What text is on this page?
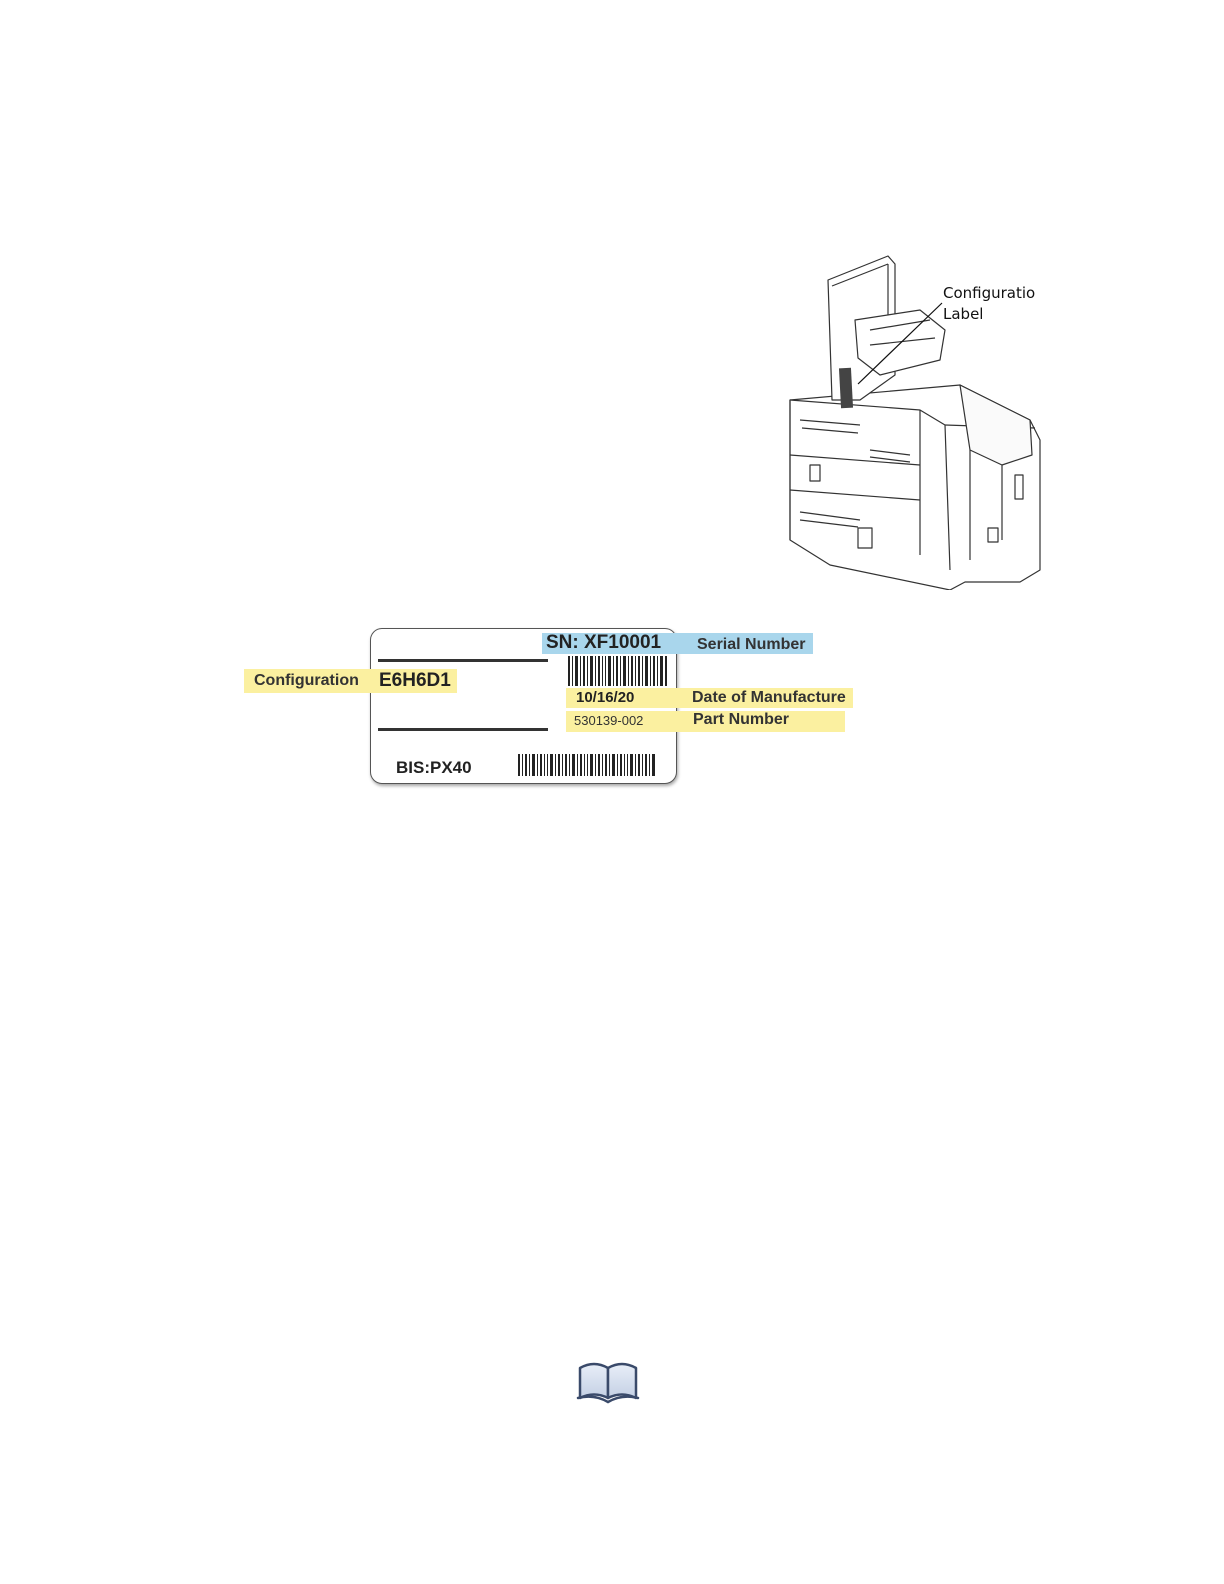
Configuratio
Label
SN: XF10001 Serial Number
Configuration E6H6D1
10/16/20	Date of Manufacture
530139-002	Part Number
BIS:PX40
